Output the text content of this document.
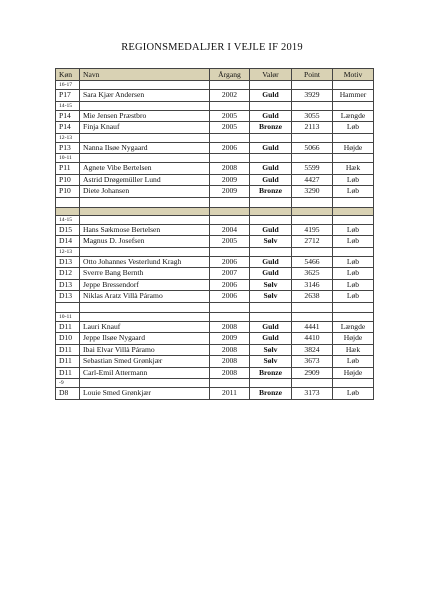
REGIONSMEDALJER I VEJLE IF 2019
Køn	Navn	Årgang	Valør	Point	Motiv
16-17					
P17	Sara Kjær Andersen	2002	Guld	3929	Hammer
14-15					
P14	Mie Jensen Præstbro	2005	Guld	3055	Længde
P14	Finja Knauf	2005	Bronze	2113	Løb
12-13					
P13	Nanna Ilsøe Nygaard	2006	Guld	5066	Højde
10-11					
P11	Agnete Vibe Bertelsen	2008	Guld	5599	Hæk
P10	Astrid Drøgemüller Lund	2009	Guld	4427	Løb
P10	Diete Johansen	2009	Bronze	3290	Løb

14-15					
D15	Hans Sækmose Bertelsen	2004	Guld	4195	Løb
D14	Magnus D. Josefsen	2005	Sølv	2712	Løb
12-13					
D13	Otto Johannes Vesterlund Kragh	2006	Guld	5466	Løb
D12	Sverre Bang Bernth	2007	Guld	3625	Løb
D13	Jeppe Bressendorf	2006	Sølv	3146	Løb
D13	Niklas Aratz Villà Páramo	2006	Sølv	2638	Løb

10-11					
D11	Lauri Knauf	2008	Guld	4441	Længde
D10	Jeppe Ilsøe Nygaard	2009	Guld	4410	Højde
D11	Ibai Elvar Villà Páramo	2008	Sølv	3824	Hæk
D11	Sebastian Smed Grønkjær	2008	Sølv	3673	Løb
D11	Carl-Emil Attermann	2008	Bronze	2909	Højde
-9					
D8	Louie Smed Grønkjær	2011	Bronze	3173	Løb
